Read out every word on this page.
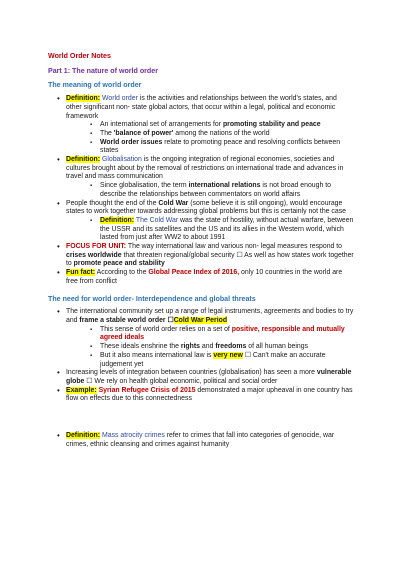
World Order Notes
Part 1: The nature of world order
The meaning of world order
• Definition: World order is the activities and relationships between the world's states, and other significant non- state global actors, that occur within a legal, political and economic framework
▪ An international set of arrangements for promoting stability and peace
▪ The 'balance of power' among the nations of the world
▪ World order issues relate to promoting peace and resolving conflicts between states
• Definition: Globalisation is the ongoing integration of regional economies, societies and cultures brought about by the removal of restrictions on international trade and advances in travel and mass communication
▪ Since globalisation, the term international relations is not broad enough to describe the relationships between commentators on world affairs
• People thought the end of the Cold War (some believe it is still ongoing), would encourage states to work together towards addressing global problems but this is certainly not the case
▪ Definition: The Cold War was the state of hostility, without actual warfare, between the USSR and its satellites and the US and its allies in the Western world, which lasted from just after WW2 to about 1991
• FOCUS FOR UNIT: The way international law and various non- legal measures respond to crises worldwide that threaten regional/global security ☐ As well as how states work together to promote peace and stability
• Fun fact: According to the Global Peace Index of 2016, only 10 countries in the world are free from conflict
The need for world order- Interdependence and global threats
• The international community set up a range of legal instruments, agreements and bodies to try and frame a stable world order ☐Cold War Period
▪ This sense of world order relies on a set of positive, responsible and mutually agreed ideals
▪ These ideals enshrine the rights and freedoms of all human beings
▪ But it also means international law is very new ☐ Can't make an accurate judgement yet
• Increasing levels of integration between countries (globalisation) has seen a more vulnerable globe ☐ We rely on health global economic, political and social order
• Example: Syrian Refugee Crisis of 2015 demonstrated a major upheaval in one country has flow on effects due to this connectedness
• Definition: Mass atrocity crimes refer to crimes that fall into categories of genocide, war crimes, ethnic cleansing and crimes against humanity
